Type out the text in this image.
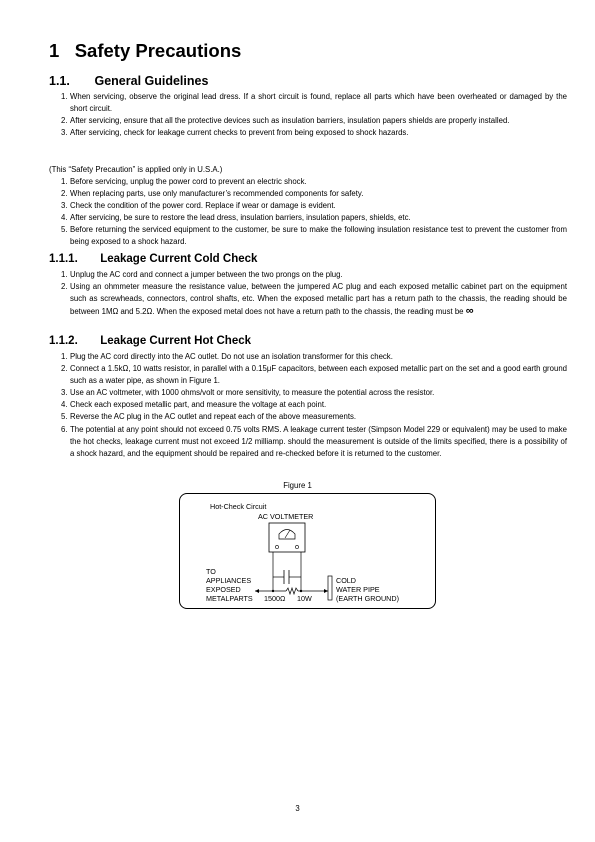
1 Safety Precautions
1.1. General Guidelines
1. When servicing, observe the original lead dress. If a short circuit is found, replace all parts which have been overheated or damaged by the short circuit.
2. After servicing, ensure that all the protective devices such as insulation barriers, insulation papers shields are properly installed.
3. After servicing, check for leakage current checks to prevent from being exposed to shock hazards.
(This “Safety Precaution” is applied only in U.S.A.)
1. Before servicing, unplug the power cord to prevent an electric shock.
2. When replacing parts, use only manufacturer’s recommended components for safety.
3. Check the condition of the power cord. Replace if wear or damage is evident.
4. After servicing, be sure to restore the lead dress, insulation barriers, insulation papers, shields, etc.
5. Before returning the serviced equipment to the customer, be sure to make the following insulation resistance test to prevent the customer from being exposed to a shock hazard.
1.1.1. Leakage Current Cold Check
1. Unplug the AC cord and connect a jumper between the two prongs on the plug.
2. Using an ohmmeter measure the resistance value, between the jumpered AC plug and each exposed metallic cabinet part on the equipment such as screwheads, connectors, control shafts, etc. When the exposed metallic part has a return path to the chassis, the reading should be between 1MΩ and 5.2Ω. When the exposed metal does not have a return path to the chassis, the reading must be ∞
1.1.2. Leakage Current Hot Check
1. Plug the AC cord directly into the AC outlet. Do not use an isolation transformer for this check.
2. Connect a 1.5kΩ, 10 watts resistor, in parallel with a 0.15μF capacitors, between each exposed metallic part on the set and a good earth ground such as a water pipe, as shown in Figure 1.
3. Use an AC voltmeter, with 1000 ohms/volt or more sensitivity, to measure the potential across the resistor.
4. Check each exposed metallic part, and measure the voltage at each point.
5. Reverse the AC plug in the AC outlet and repeat each of the above measurements.
6. The potential at any point should not exceed 0.75 volts RMS. A leakage current tester (Simpson Model 229 or equivalent) may be used to make the hot checks, leakage current must not exceed 1/2 milliamp. should the measurement is outside of the limits specified, there is a possibility of a shock hazard, and the equipment should be repaired and re-checked before it is returned to the customer.
Figure 1
Hot-Check Circuit
AC VOLTMETER
TO
APPLIANCES
EXPOSED
METALPARTS 1500Ω 10W
COLD
WATER PIPE
(EARTH GROUND)
3
